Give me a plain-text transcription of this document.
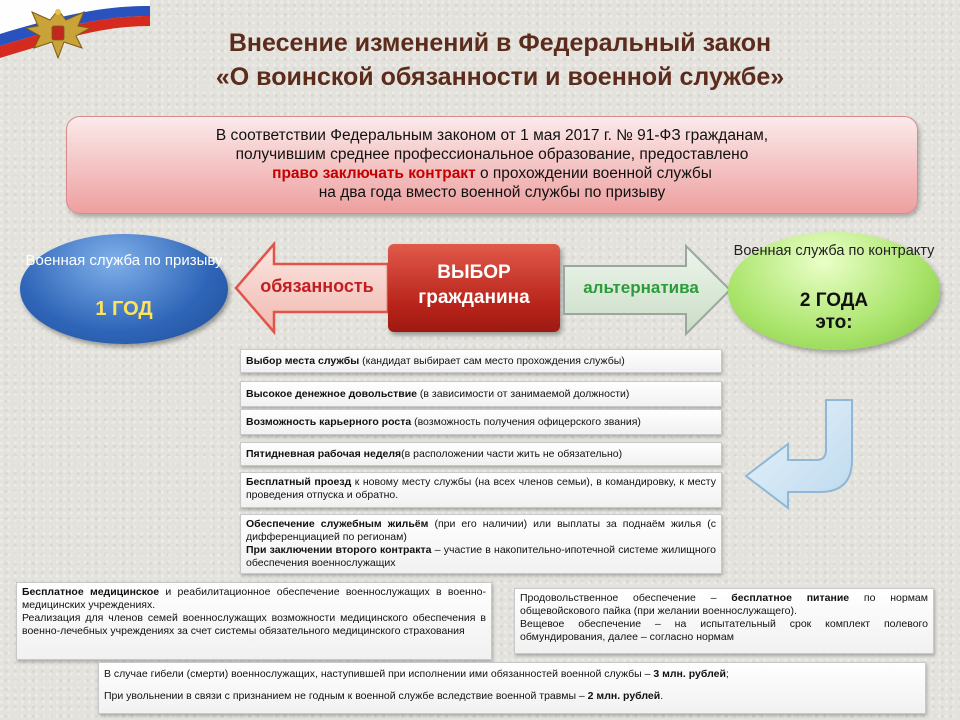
Внесение изменений в Федеральный закон
«О воинской обязанности и военной службе»
В соответствии Федеральным законом от 1 мая 2017 г. № 91-ФЗ гражданам,
получившим среднее профессиональное образование, предоставлено
право заключать контракт о прохождении военной службы
на два года вместо военной службы по призыву
Военная служба по призыву
1 ГОД
обязанность
ВЫБОР
гражданина	альтернатива
Военная служба по контракту
2 ГОДА
это:
Выбор места службы (кандидат выбирает сам место прохождения службы)
Высокое денежное довольствие (в зависимости от занимаемой должности)
Возможность карьерного роста (возможность получения офицерского звания)
Пятидневная рабочая неделя(в расположении части жить не обязательно)
Бесплатный проезд к новому месту службы (на всех членов семьи), в командировку, к месту проведения отпуска и обратно.
Обеспечение служебным жильём (при его наличии) или выплаты за поднаём жилья (с дифференциацией по регионам)
При заключении второго контракта – участие в накопительно-ипотечной системе жилищного обеспечения военнослужащих
Бесплатное медицинское и реабилитационное обеспечение военнослужащих в военно-медицинских учреждениях.
Реализация для членов семей военнослужащих возможности медицинского обеспечения в военно-лечебных учреждениях за счет системы обязательного медицинского страхования
Продовольственное обеспечение – бесплатное питание по нормам общевойскового пайка (при желании военнослужащего).
Вещевое обеспечение – на испытательный срок комплект полевого обмундирования, далее – согласно нормам
В случае гибели (смерти) военнослужащих, наступившей при исполнении ими обязанностей военной службы – 3 млн. рублей;
При увольнении в связи с признанием не годным к военной службе вследствие военной травмы – 2 млн. рублей.
